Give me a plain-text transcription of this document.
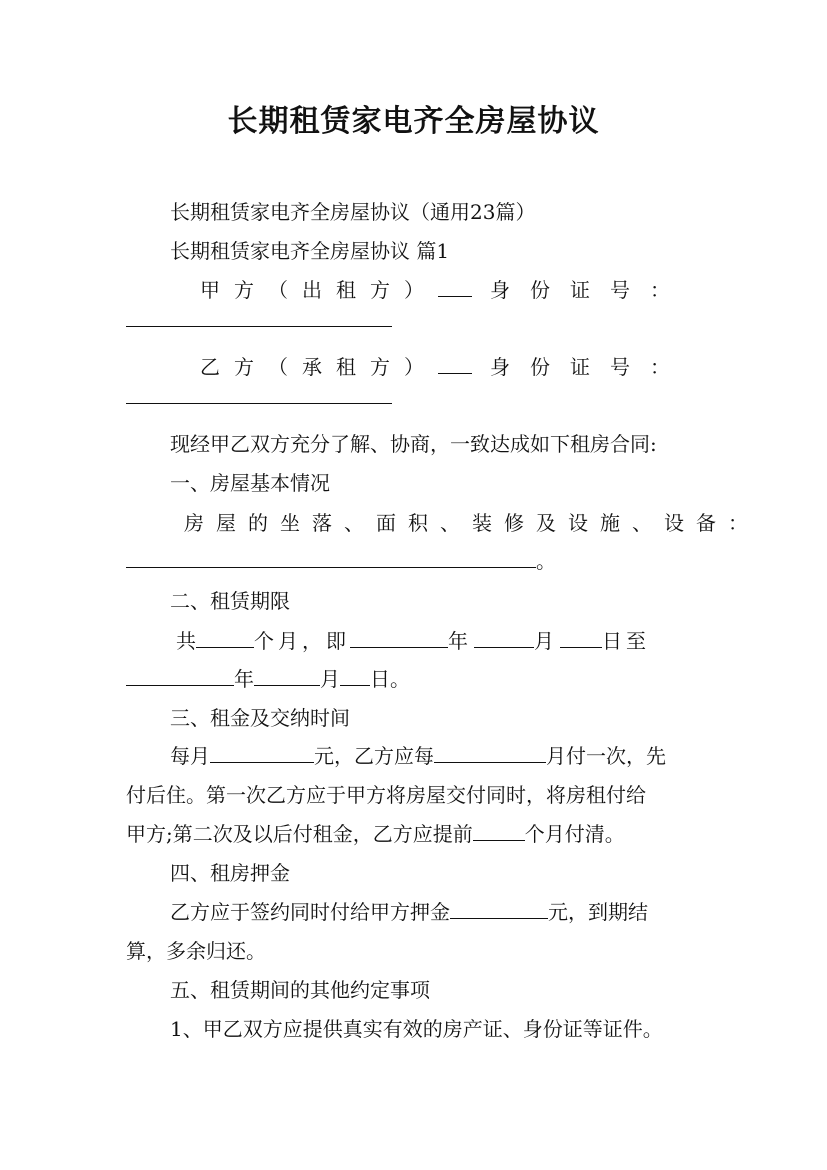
长期租赁家电齐全房屋协议
长期租赁家电齐全房屋协议（通用23篇）
长期租赁家电齐全房屋协议 篇1
甲方（出租方）	身份证号：
乙方（承租方）	身份证号：
现经甲乙双方充分了解、协商，一致达成如下租房合同:
一、房屋基本情况
房屋的坐落、面积、装修及设施、设备：
。
二、租赁期限
共	个月，即	年	月 日至
年	月 日。
三、租金及交纳时间
每月	元，乙方应每	月付一次，先
付后住。第一次乙方应于甲方将房屋交付同时，将房租付给
甲方;第二次及以后付租金，乙方应提前	个月付清。
四、租房押金
乙方应于签约同时付给甲方押金	元，到期结
算，多余归还。
五、租赁期间的其他约定事项
1、甲乙双方应提供真实有效的房产证、身份证等证件。
